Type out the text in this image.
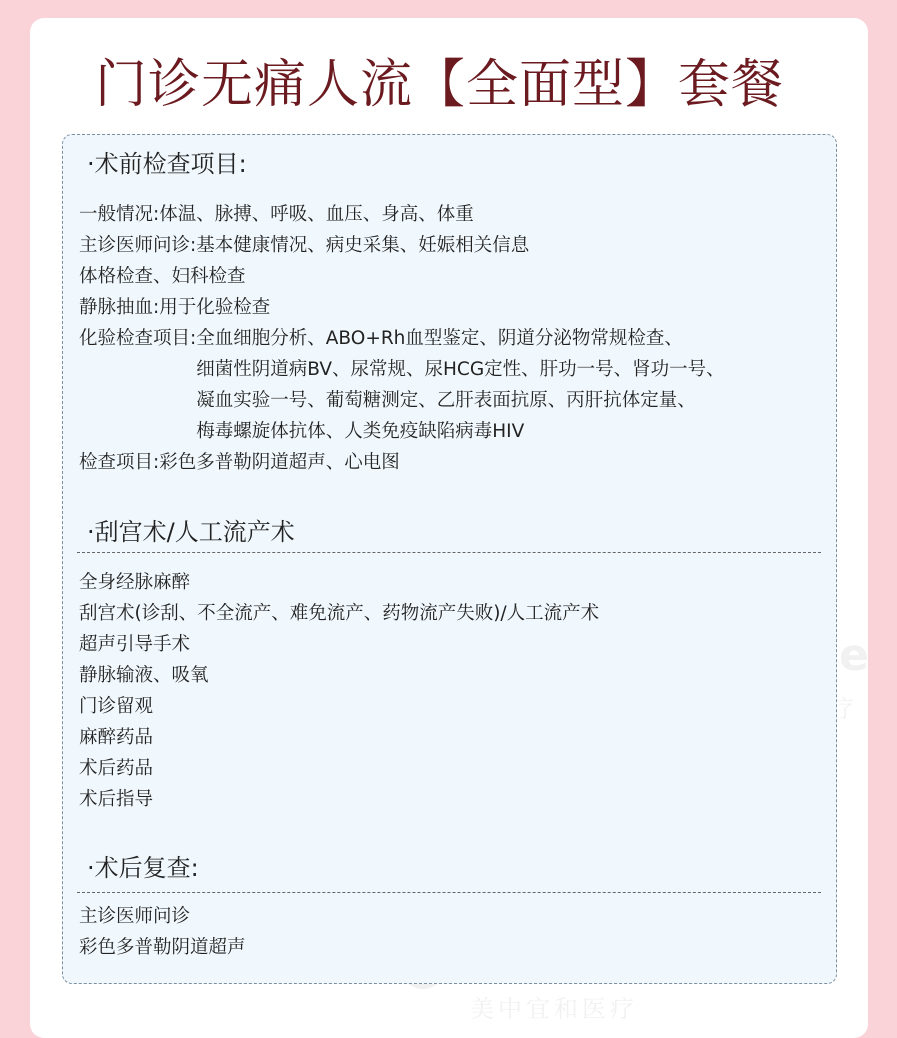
门诊无痛人流【全面型】套餐
·术前检查项目:
一般情况:体温、脉搏、呼吸、血压、身高、体重
主诊医师问诊:基本健康情况、病史采集、妊娠相关信息
体格检查、妇科检查
静脉抽血:用于化验检查
化验检查项目: 全血细胞分析、ABO+Rh血型鉴定、阴道分泌物常规检查、
细菌性阴道病BV、尿常规、尿HCG定性、肝功一号、肾功一号、
凝血实验一号、葡萄糖测定、乙肝表面抗原、丙肝抗体定量、
梅毒螺旋体抗体、人类免疫缺陷病毒HIV
检查项目:彩色多普勒阴道超声、心电图
·刮宫术/人工流产术
全身经脉麻醉
刮宫术(诊刮、不全流产、难免流产、药物流产失败)/人工流产术
超声引导手术
静脉输液、吸氧
门诊留观
麻醉药品
术后药品
术后指导
·术后复查:
主诊医师问诊
彩色多普勒阴道超声
